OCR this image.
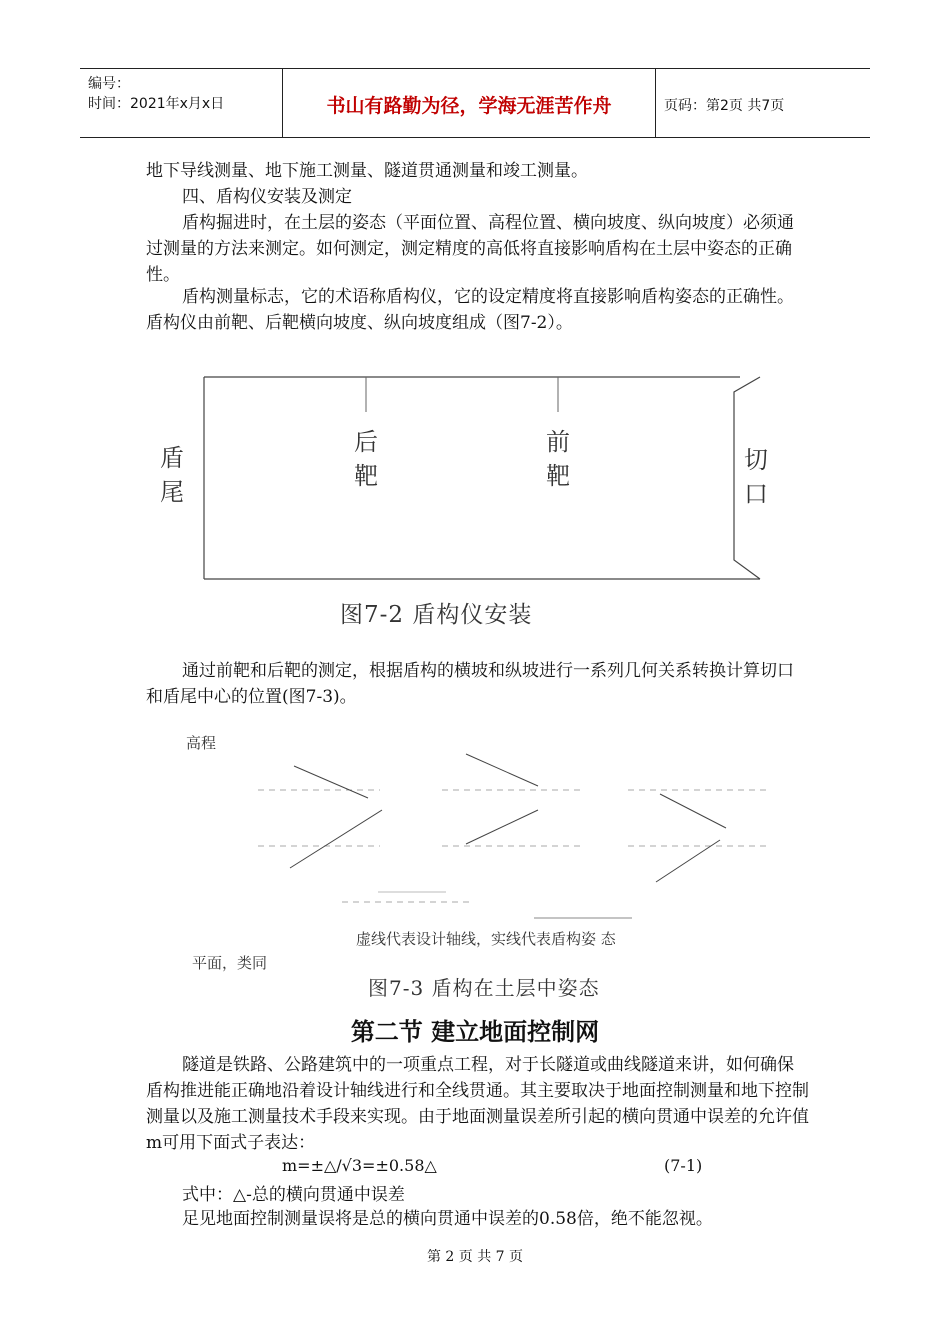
编号：
时间：2021年x月x日	书山有路勤为径，学海无涯苦作舟	页码：第2页 共7页

地下导线测量、地下施工测量、隧道贯通测量和竣工测量。

四、盾构仪安装及测定

盾构掘进时，在土层的姿态（平面位置、高程位置、横向坡度、纵向坡度）必须通过测量的方法来测定。如何测定，测定精度的高低将直接影响盾构在土层中姿态的正确性。

盾构测量标志，它的术语称盾构仪，它的设定精度将直接影响盾构姿态的正确性。盾构仪由前靶、后靶横向坡度、纵向坡度组成（图7-2）。

盾
尾
后
靶
前
靶
切
口
图7-2 盾构仪安装

通过前靶和后靶的测定，根据盾构的横坡和纵坡进行一系列几何关系转换计算切口和盾尾中心的位置(图7-3)。

高程
虚线代表设计轴线，实线代表盾构姿 态
平面，类同
图7-3 盾构在土层中姿态
第二节 建立地面控制网

隧道是铁路、公路建筑中的一项重点工程，对于长隧道或曲线隧道来讲，如何确保盾构推进能正确地沿着设计轴线进行和全线贯通。其主要取决于地面控制测量和地下控制测量以及施工测量技术手段来实现。由于地面测量误差所引起的横向贯通中误差的允许值m可用下面式子表达：

m=±△/√3=±0.58△	(7-1)

式中：△-总的横向贯通中误差

足见地面控制测量误将是总的横向贯通中误差的0.58倍，绝不能忽视。

第 2 页 共 7 页
